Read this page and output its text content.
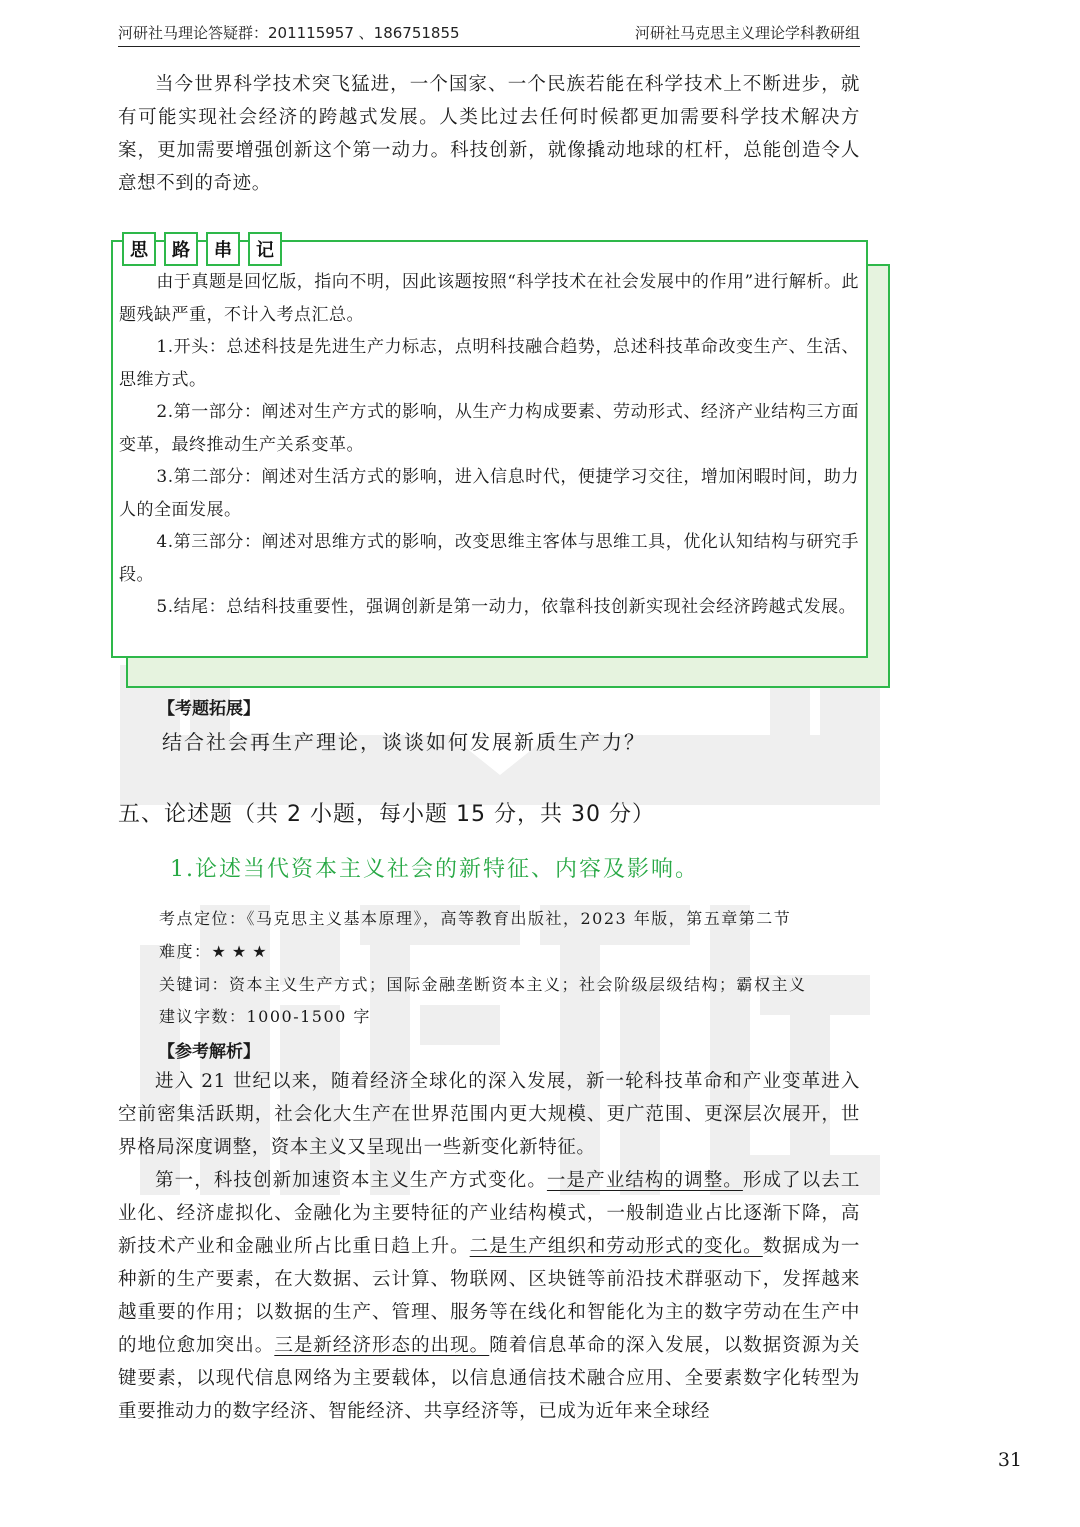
河研社马理论答疑群：201115957 、186751855	河研社马克思主义理论学科教研组

当今世界科学技术突飞猛进，一个国家、一个民族若能在科学技术上不断进步，就有可能实现社会经济的跨越式发展。人类比过去任何时候都更加需要科学技术解决方案，更加需要增强创新这个第一动力。科技创新，就像撬动地球的杠杆，总能创造令人意想不到的奇迹。

思	路	串	记

由于真题是回忆版，指向不明，因此该题按照“科学技术在社会发展中的作用”进行解析。此题残缺严重，不计入考点汇总。

1.开头：总述科技是先进生产力标志，点明科技融合趋势，总述科技革命改变生产、生活、思维方式。

2.第一部分：阐述对生产方式的影响，从生产力构成要素、劳动形式、经济产业结构三方面变革，最终推动生产关系变革。

3.第二部分：阐述对生活方式的影响，进入信息时代，便捷学习交往，增加闲暇时间，助力人的全面发展。

4.第三部分：阐述对思维方式的影响，改变思维主客体与思维工具，优化认知结构与研究手段。

5.结尾：总结科技重要性，强调创新是第一动力，依靠科技创新实现社会经济跨越式发展。

【考题拓展】
结合社会再生产理论，谈谈如何发展新质生产力？
五、论述题（共 2 小题，每小题 15 分，共 30 分）
1.论述当代资本主义社会的新特征、内容及影响。
考点定位：《马克思主义基本原理》，高等教育出版社，2023 年版，第五章第二节
难度：★★★
关键词：资本主义生产方式；国际金融垄断资本主义；社会阶级层级结构；霸权主义
建议字数：1000-1500 字
【参考解析】

进入 21 世纪以来，随着经济全球化的深入发展，新一轮科技革命和产业变革进入空前密集活跃期，社会化大生产在世界范围内更大规模、更广范围、更深层次展开，世界格局深度调整，资本主义又呈现出一些新变化新特征。

第一，科技创新加速资本主义生产方式变化。一是产业结构的调整。形成了以去工业化、经济虚拟化、金融化为主要特征的产业结构模式，一般制造业占比逐渐下降，高新技术产业和金融业所占比重日趋上升。二是生产组织和劳动形式的变化。数据成为一种新的生产要素，在大数据、云计算、物联网、区块链等前沿技术群驱动下，发挥越来越重要的作用；以数据的生产、管理、服务等在线化和智能化为主的数字劳动在生产中的地位愈加突出。三是新经济形态的出现。随着信息革命的深入发展，以数据资源为关键要素，以现代信息网络为主要载体，以信息通信技术融合应用、全要素数字化转型为重要推动力的数字经济、智能经济、共享经济等，已成为近年来全球经

31
